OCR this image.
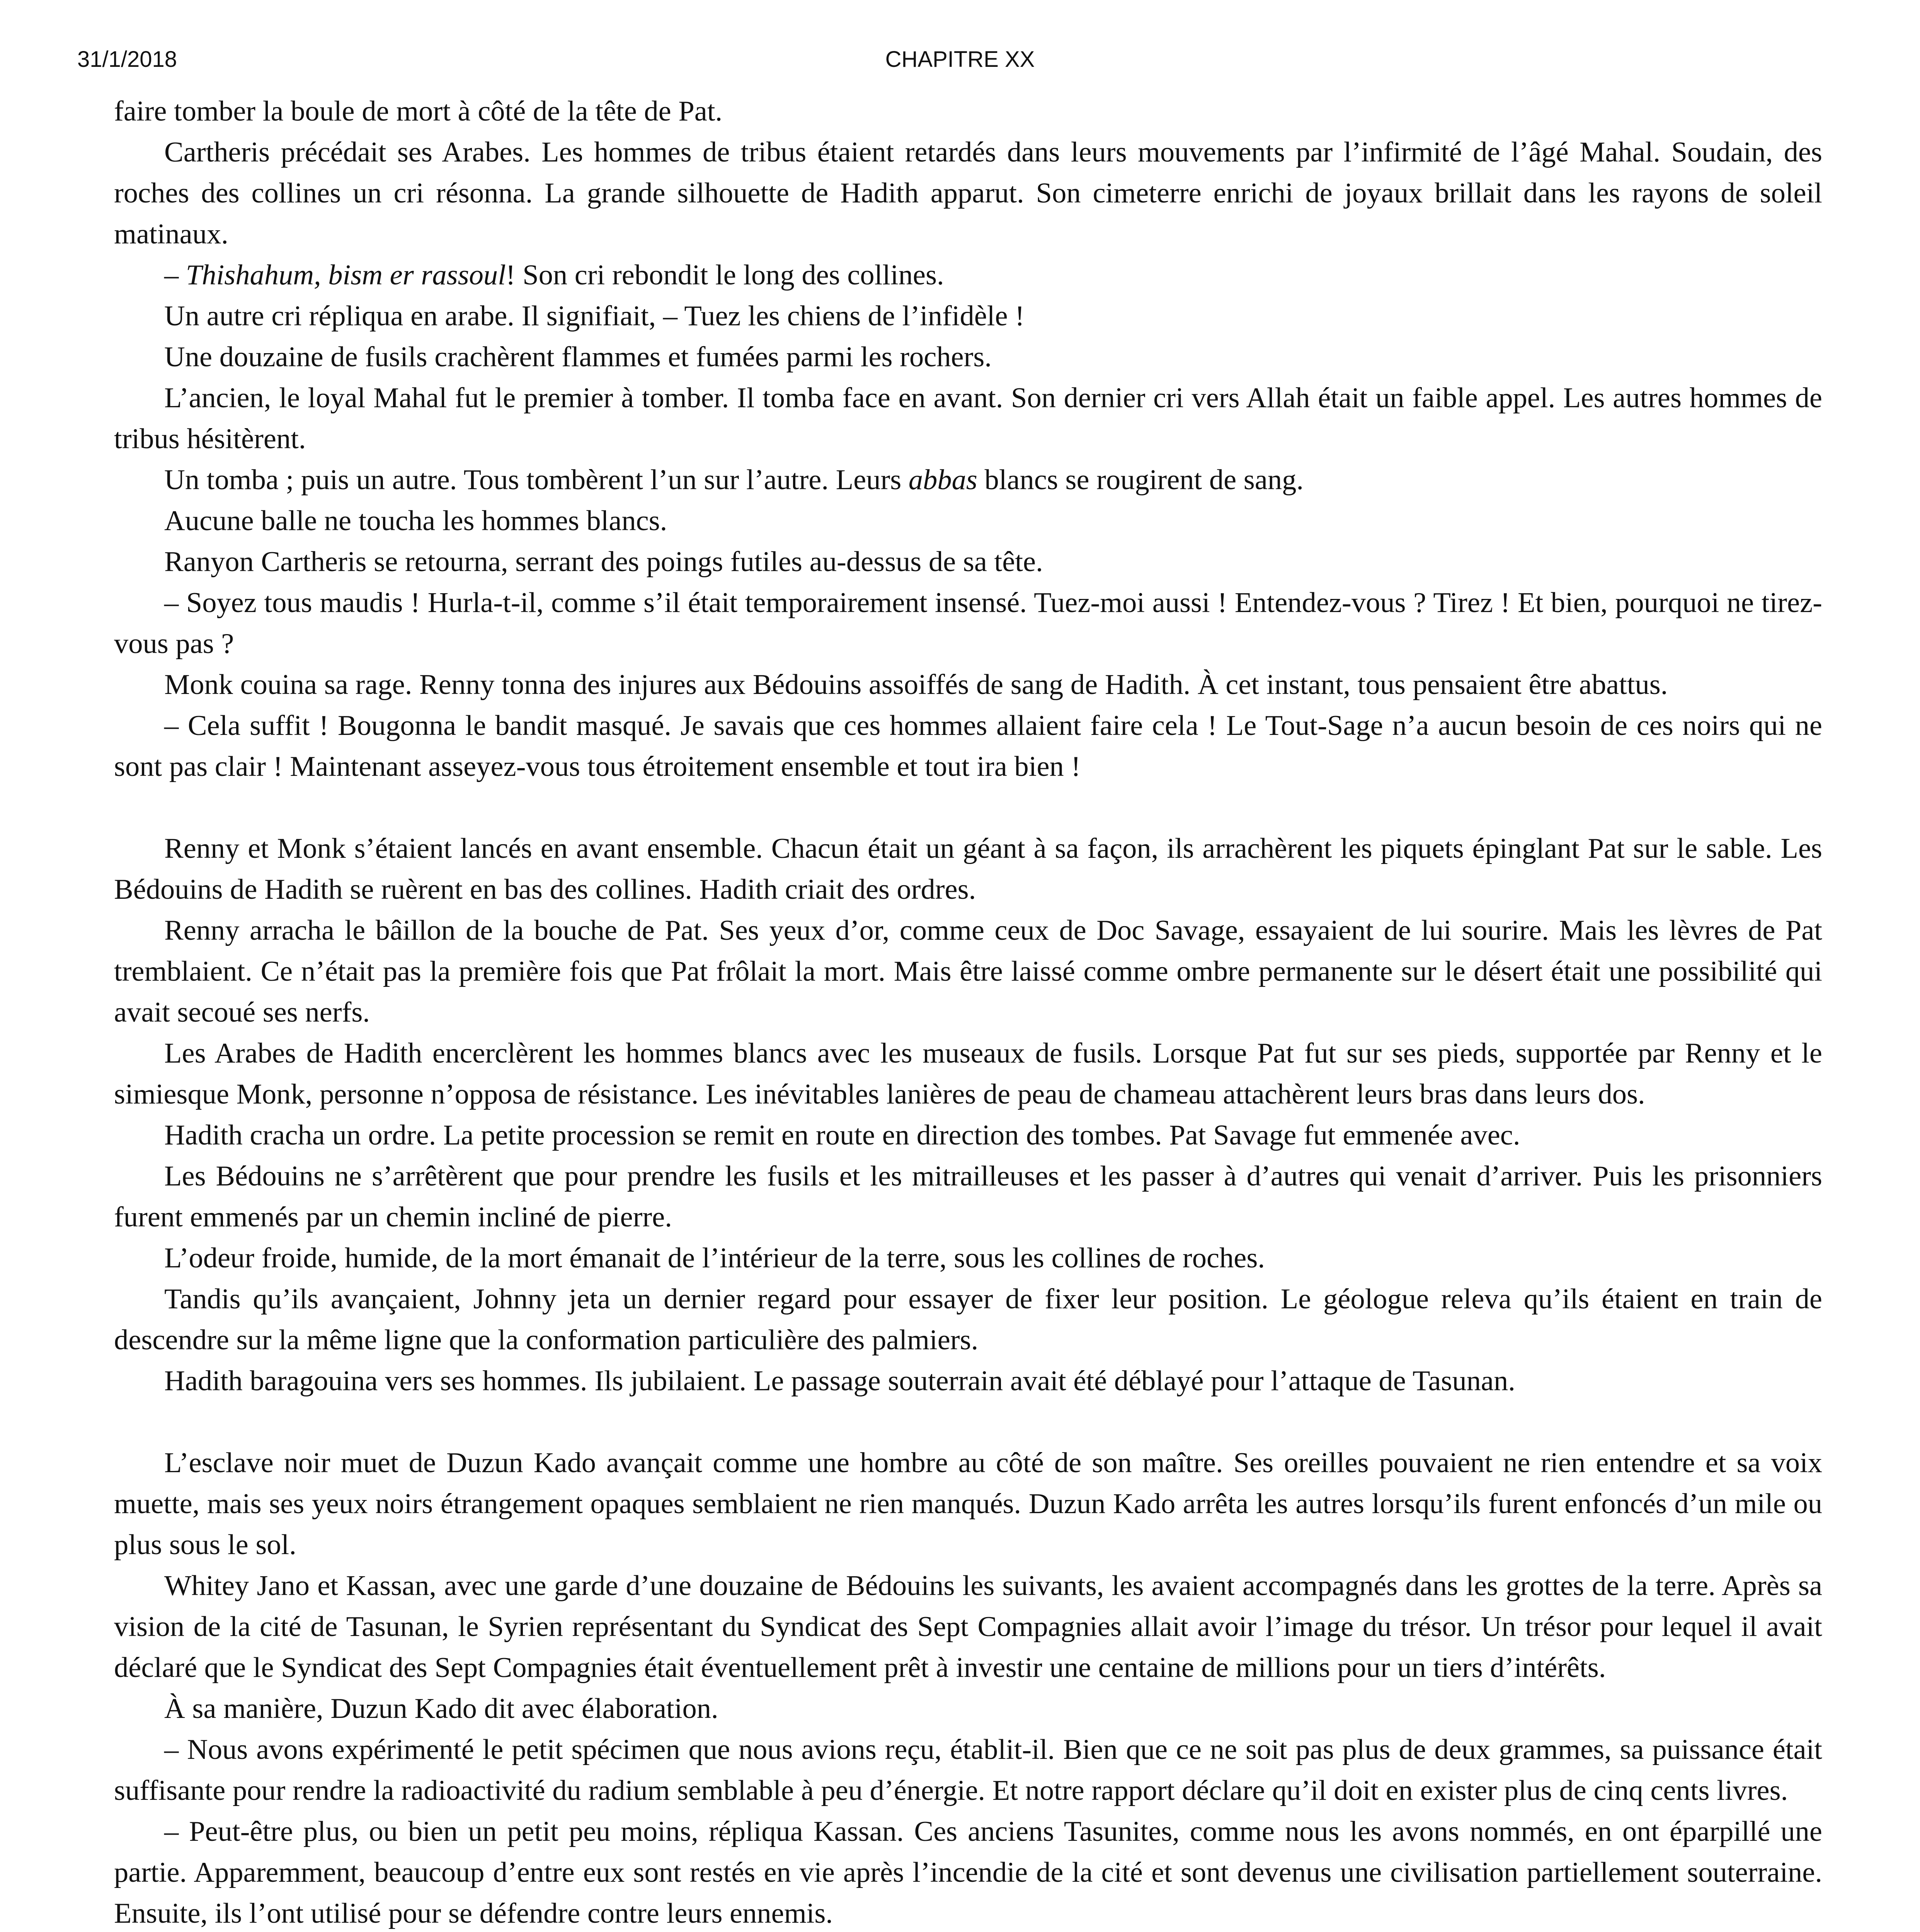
31/1/2018	CHAPITRE XX

faire tomber la boule de mort à côté de la tête de Pat.

Cartheris précédait ses Arabes. Les hommes de tribus étaient retardés dans leurs mouvements par l’infirmité de l’âgé Mahal. Soudain, des roches des collines un cri résonna. La grande silhouette de Hadith apparut. Son cimeterre enrichi de joyaux brillait dans les rayons de soleil matinaux.

– Thishahum, bism er rassoul! Son cri rebondit le long des collines.

Un autre cri répliqua en arabe. Il signifiait, – Tuez les chiens de l’infidèle !

Une douzaine de fusils crachèrent flammes et fumées parmi les rochers.

L’ancien, le loyal Mahal fut le premier à tomber. Il tomba face en avant. Son dernier cri vers Allah était un faible appel. Les autres hommes de tribus hésitèrent.

Un tomba ; puis un autre. Tous tombèrent l’un sur l’autre. Leurs abbas blancs se rougirent de sang.

Aucune balle ne toucha les hommes blancs.

Ranyon Cartheris se retourna, serrant des poings futiles au-dessus de sa tête.

– Soyez tous maudis ! Hurla-t-il, comme s’il était temporairement insensé. Tuez-moi aussi ! Entendez-vous ? Tirez ! Et bien, pourquoi ne tirez-vous pas ?

Monk couina sa rage. Renny tonna des injures aux Bédouins assoiffés de sang de Hadith. À cet instant, tous pensaient être abattus.

– Cela suffit ! Bougonna le bandit masqué. Je savais que ces hommes allaient faire cela ! Le Tout-Sage n’a aucun besoin de ces noirs qui ne sont pas clair ! Maintenant asseyez-vous tous étroitement ensemble et tout ira bien !

Renny et Monk s’étaient lancés en avant ensemble. Chacun était un géant à sa façon, ils arrachèrent les piquets épinglant Pat sur le sable. Les Bédouins de Hadith se ruèrent en bas des collines. Hadith criait des ordres.

Renny arracha le bâillon de la bouche de Pat. Ses yeux d’or, comme ceux de Doc Savage, essayaient de lui sourire. Mais les lèvres de Pat tremblaient. Ce n’était pas la première fois que Pat frôlait la mort. Mais être laissé comme ombre permanente sur le désert était une possibilité qui avait secoué ses nerfs.

Les Arabes de Hadith encerclèrent les hommes blancs avec les museaux de fusils. Lorsque Pat fut sur ses pieds, supportée par Renny et le simiesque Monk, personne n’opposa de résistance. Les inévitables lanières de peau de chameau attachèrent leurs bras dans leurs dos.

Hadith cracha un ordre. La petite procession se remit en route en direction des tombes. Pat Savage fut emmenée avec.

Les Bédouins ne s’arrêtèrent que pour prendre les fusils et les mitrailleuses et les passer à d’autres qui venait d’arriver. Puis les prisonniers furent emmenés par un chemin incliné de pierre.

L’odeur froide, humide, de la mort émanait de l’intérieur de la terre, sous les collines de roches.

Tandis qu’ils avançaient, Johnny jeta un dernier regard pour essayer de fixer leur position. Le géologue releva qu’ils étaient en train de descendre sur la même ligne que la conformation particulière des palmiers.

Hadith baragouina vers ses hommes. Ils jubilaient. Le passage souterrain avait été déblayé pour l’attaque de Tasunan.

L’esclave noir muet de Duzun Kado avançait comme une hombre au côté de son maître. Ses oreilles pouvaient ne rien entendre et sa voix muette, mais ses yeux noirs étrangement opaques semblaient ne rien manqués. Duzun Kado arrêta les autres lorsqu’ils furent enfoncés d’un mile ou plus sous le sol.

Whitey Jano et Kassan, avec une garde d’une douzaine de Bédouins les suivants, les avaient accompagnés dans les grottes de la terre. Après sa vision de la cité de Tasunan, le Syrien représentant du Syndicat des Sept Compagnies allait avoir l’image du trésor. Un trésor pour lequel il avait déclaré que le Syndicat des Sept Compagnies était éventuellement prêt à investir une centaine de millions pour un tiers d’intérêts.

À sa manière, Duzun Kado dit avec élaboration.

– Nous avons expérimenté le petit spécimen que nous avions reçu, établit-il. Bien que ce ne soit pas plus de deux grammes, sa puissance était suffisante pour rendre la radioactivité du radium semblable à peu d’énergie. Et notre rapport déclare qu’il doit en exister plus de cinq cents livres.

– Peut-être plus, ou bien un petit peu moins, répliqua Kassan. Ces anciens Tasunites, comme nous les avons nommés, en ont éparpillé une partie. Apparemment, beaucoup d’entre eux sont restés en vie après l’incendie de la cité et sont devenus une civilisation partiellement souterraine. Ensuite, ils l’ont utilisé pour se défendre contre leurs ennemis.
